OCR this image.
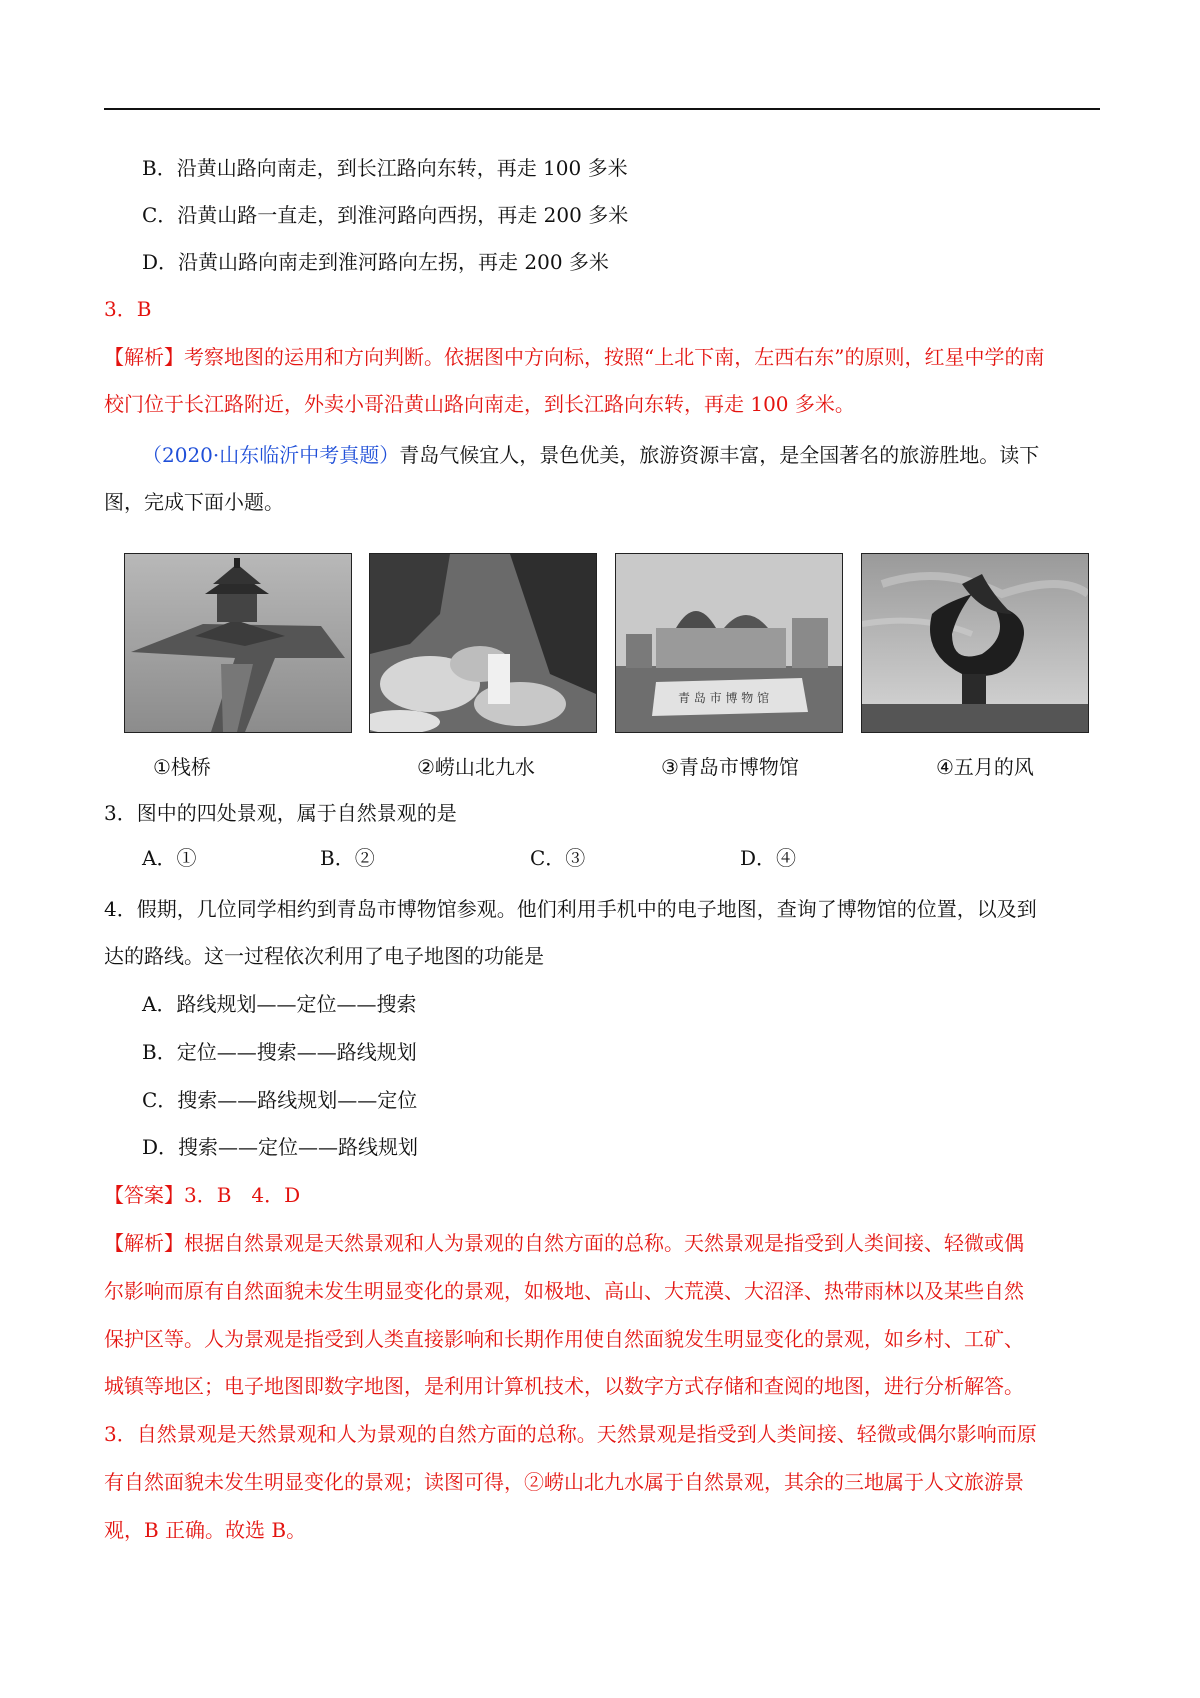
B．沿黄山路向南走，到长江路向东转，再走 100 多米
C．沿黄山路一直走，到淮河路向西拐，再走 200 多米
D．沿黄山路向南走到淮河路向左拐，再走 200 多米
3．B
【解析】考察地图的运用和方向判断。依据图中方向标，按照“上北下南，左西右东”的原则，红星中学的南
校门位于长江路附近，外卖小哥沿黄山路向南走，到长江路向东转，再走 100 多米。
（2020·山东临沂中考真题）青岛气候宜人，景色优美，旅游资源丰富，是全国著名的旅游胜地。读下
图，完成下面小题。
青 岛 市 博 物 馆
①栈桥	②崂山北九水	③青岛市博物馆	④五月的风
3．图中的四处景观，属于自然景观的是
A．①	B．②	C．③	D．④
4．假期，几位同学相约到青岛市博物馆参观。他们利用手机中的电子地图，查询了博物馆的位置，以及到
达的路线。这一过程依次利用了电子地图的功能是
A．路线规划——定位——搜索
B．定位——搜索——路线规划
C．搜索——路线规划——定位
D．搜索——定位——路线规划
【答案】3．B　4．D
【解析】根据自然景观是天然景观和人为景观的自然方面的总称。天然景观是指受到人类间接、轻微或偶
尔影响而原有自然面貌未发生明显变化的景观，如极地、高山、大荒漠、大沼泽、热带雨林以及某些自然
保护区等。人为景观是指受到人类直接影响和长期作用使自然面貌发生明显变化的景观，如乡村、工矿、
城镇等地区；电子地图即数字地图，是利用计算机技术，以数字方式存储和查阅的地图，进行分析解答。
3．自然景观是天然景观和人为景观的自然方面的总称。天然景观是指受到人类间接、轻微或偶尔影响而原
有自然面貌未发生明显变化的景观；读图可得，②崂山北九水属于自然景观，其余的三地属于人文旅游景
观，B 正确。故选 B。
